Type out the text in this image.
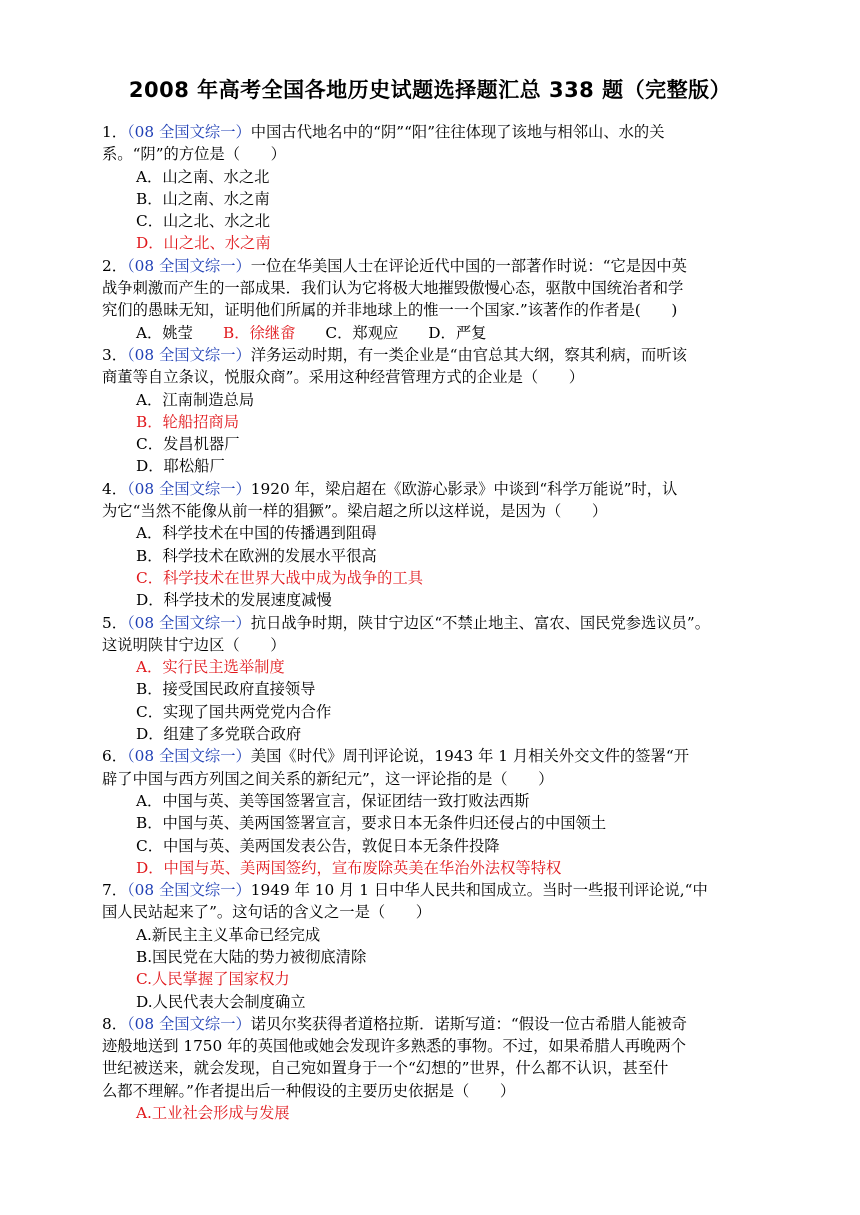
2008 年高考全国各地历史试题选择题汇总 338 题（完整版）
1．（08 全国文综一）中国古代地名中的“阴”“阳”往往体现了该地与相邻山、水的关
系。“阴”的方位是（　　）
A．山之南、水之北
B．山之南、水之南
C．山之北、水之北
D．山之北、水之南
2．（08 全国文综一）一位在华美国人士在评论近代中国的一部著作时说：“它是因中英
战争刺激而产生的一部成果．我们认为它将极大地摧毁傲慢心态，驱散中国统治者和学
究们的愚昧无知，证明他们所属的并非地球上的惟一一个国家.”该著作的作者是(　　)
A．姚莹 B．徐继畲 C．郑观应 D．严复
3．（08 全国文综一）洋务运动时期，有一类企业是“由官总其大纲，察其利病，而听该
商董等自立条议，悦服众商”。采用这种经营管理方式的企业是（　　）
A．江南制造总局
B．轮船招商局
C．发昌机器厂
D．耶松船厂
4．（08 全国文综一）1920 年，梁启超在《欧游心影录》中谈到“科学万能说”时，认
为它“当然不能像从前一样的猖獗”。梁启超之所以这样说，是因为（　　）
A．科学技术在中国的传播遇到阻碍
B．科学技术在欧洲的发展水平很高
C．科学技术在世界大战中成为战争的工具
D．科学技术的发展速度减慢
5．（08 全国文综一）抗日战争时期，陕甘宁边区“不禁止地主、富农、国民党参选议员”。
这说明陕甘宁边区（　　）
A．实行民主选举制度
B．接受国民政府直接领导
C．实现了国共两党党内合作
D．组建了多党联合政府
6．（08 全国文综一）美国《时代》周刊评论说，1943 年 1 月相关外交文件的签署“开
辟了中国与西方列国之间关系的新纪元”，这一评论指的是（　　）
A．中国与英、美等国签署宣言，保证团结一致打败法西斯
B．中国与英、美两国签署宣言，要求日本无条件归还侵占的中国领土
C．中国与英、美两国发表公告，敦促日本无条件投降
D．中国与英、美两国签约，宣布废除英美在华治外法权等特权
7．（08 全国文综一）1949 年 10 月 1 日中华人民共和国成立。当时一些报刊评论说,“中
国人民站起来了”。这句话的含义之一是（　　）
A.新民主主义革命已经完成
B.国民党在大陆的势力被彻底清除
C.人民掌握了国家权力
D.人民代表大会制度确立
8．（08 全国文综一）诺贝尔奖获得者道格拉斯．诺斯写道：“假设一位古希腊人能被奇
迹般地送到 1750 年的英国他或她会发现许多熟悉的事物。不过，如果希腊人再晚两个
世纪被送来，就会发现，自己宛如置身于一个“幻想的”世界，什么都不认识，甚至什
么都不理解。”作者提出后一种假设的主要历史依据是（　　）
A.工业社会形成与发展
